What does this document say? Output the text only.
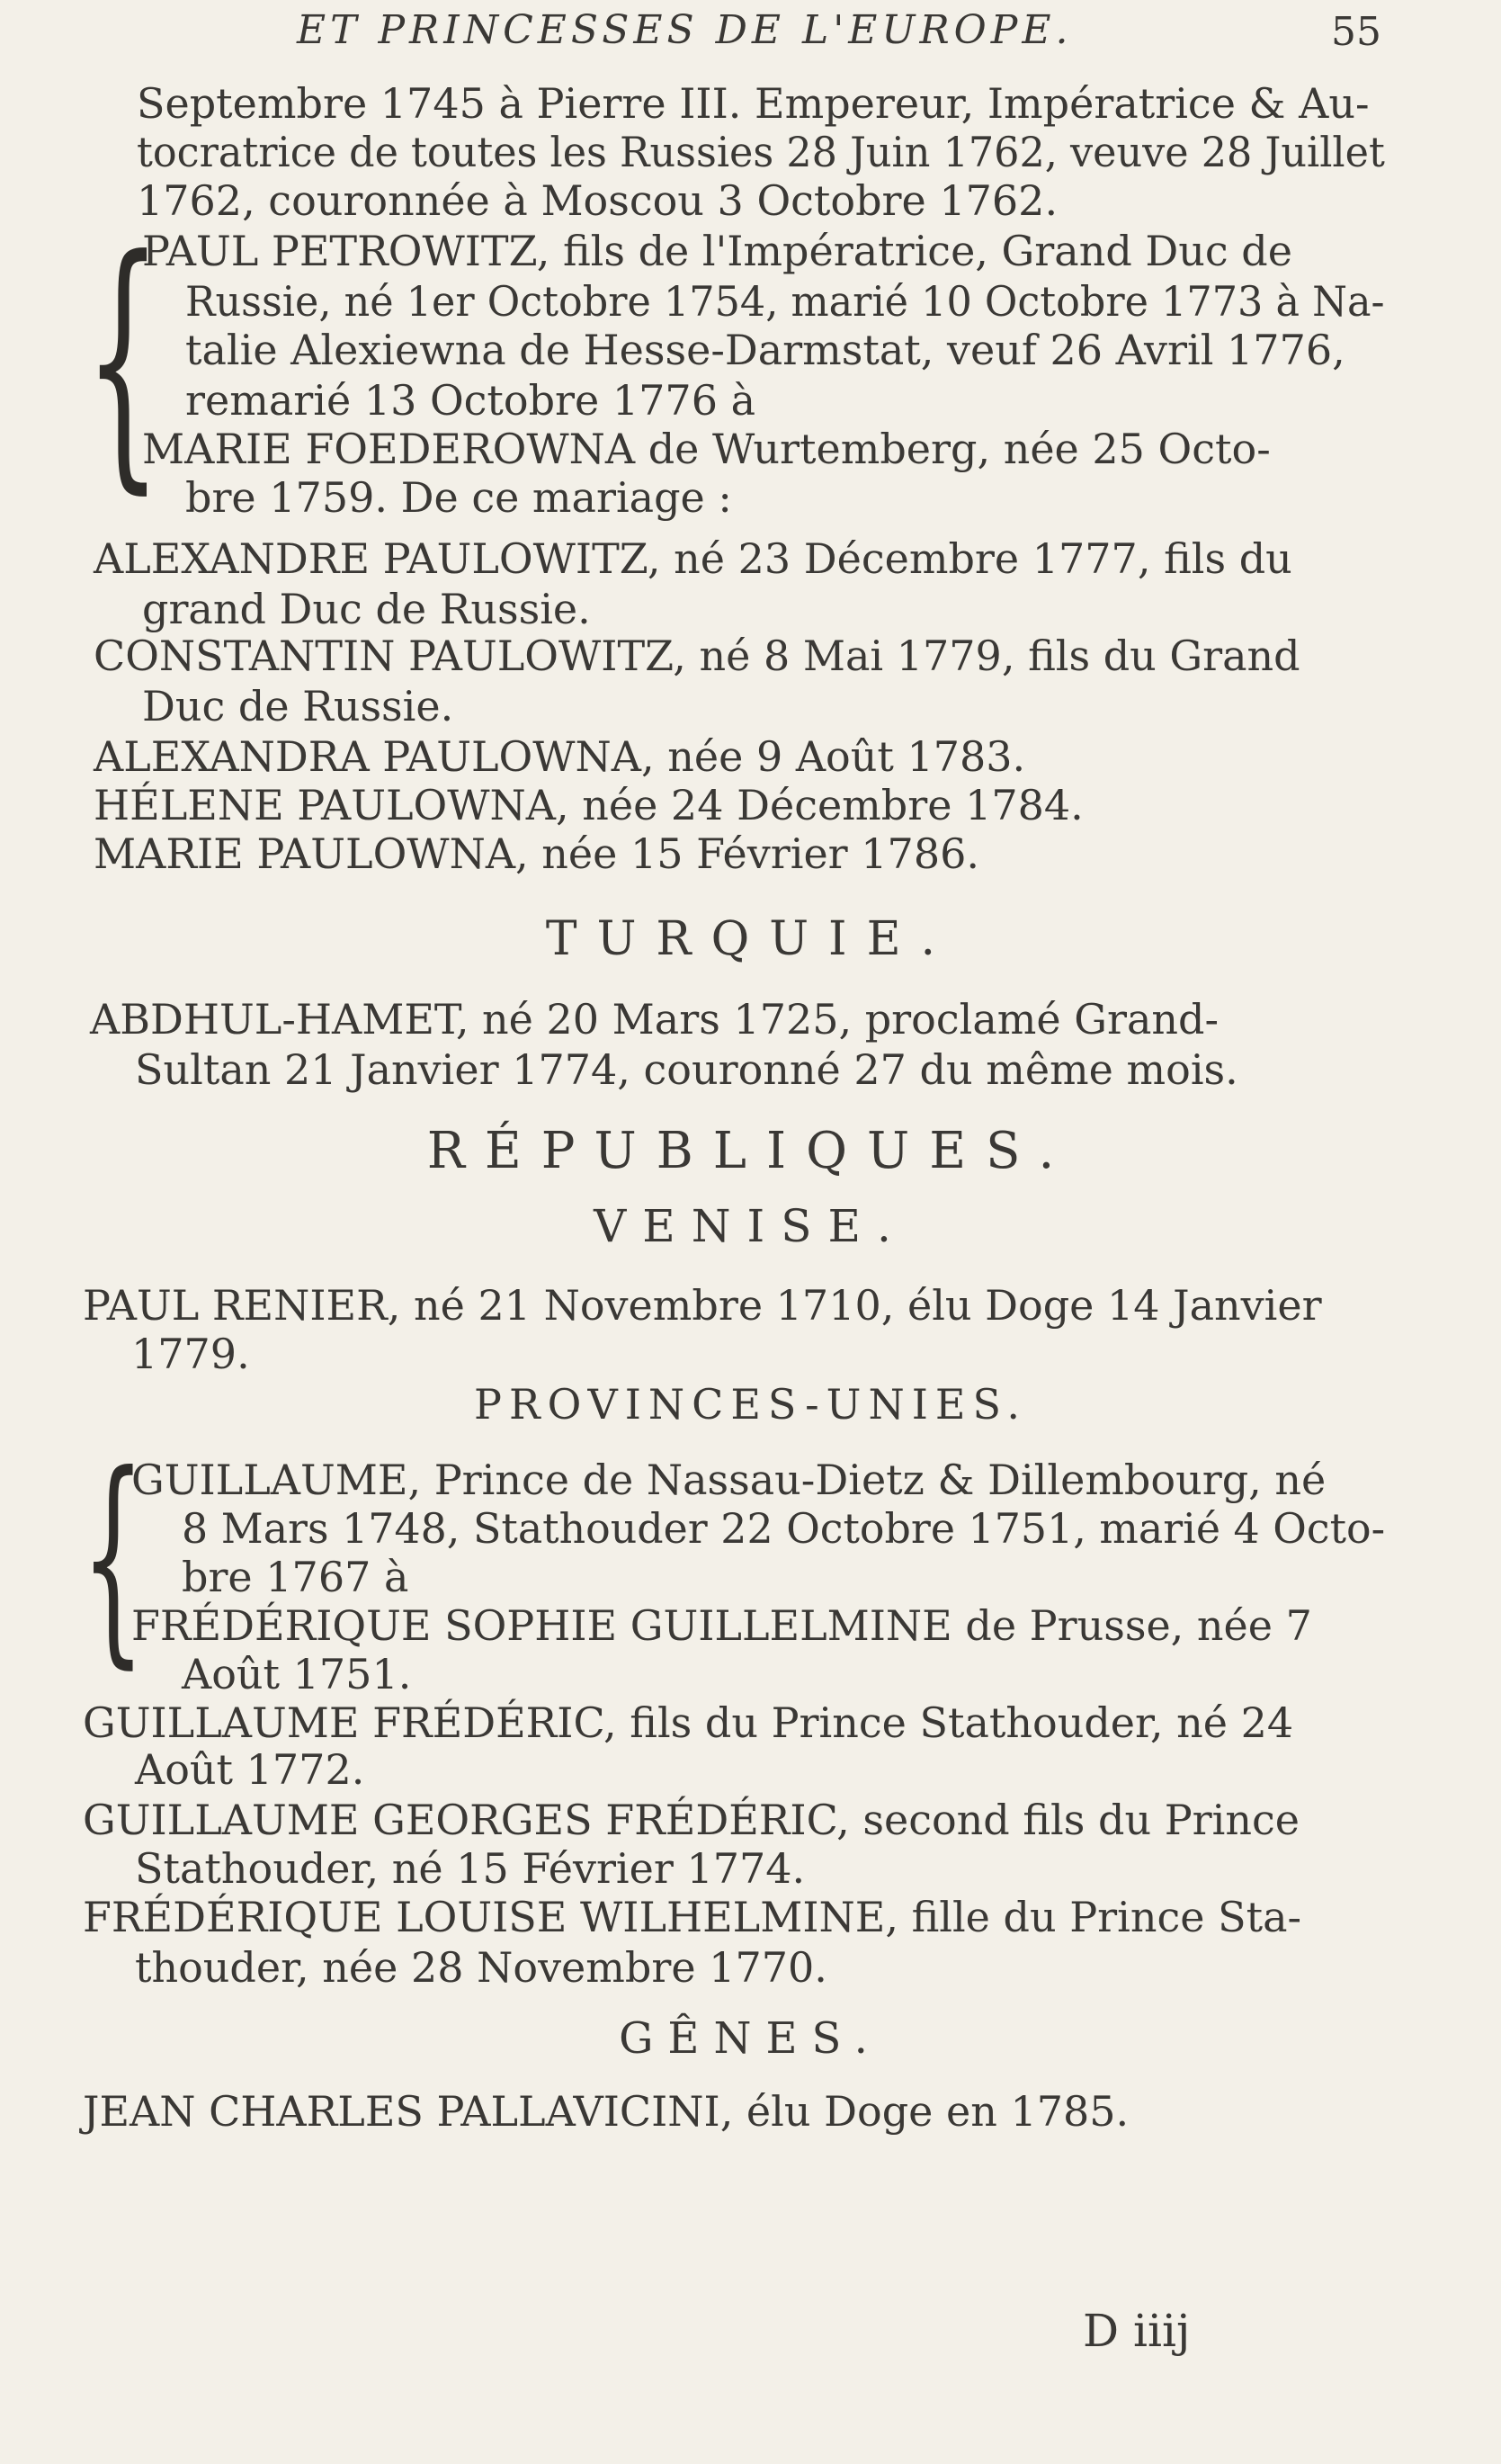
ET PRINCESSES DE L'EUROPE.	55
Septembre 1745 à Pierre III. Empereur, Impératrice & Au-
tocratrice de toutes les Russies 28 Juin 1762, veuve 28 Juillet
1762, couronnée à Moscou 3 Octobre 1762.
{
PAUL PETROWITZ, fils de l'Impératrice, Grand Duc de
Russie, né 1er Octobre 1754, marié 10 Octobre 1773 à Na-
talie Alexiewna de Hesse-Darmstat, veuf 26 Avril 1776,
remarié 13 Octobre 1776 à
MARIE FOEDEROWNA de Wurtemberg, née 25 Octo-
bre 1759. De ce mariage :
ALEXANDRE PAULOWITZ, né 23 Décembre 1777, fils du
grand Duc de Russie.
CONSTANTIN PAULOWITZ, né 8 Mai 1779, fils du Grand
Duc de Russie.
ALEXANDRA PAULOWNA, née 9 Août 1783.
HÉLENE PAULOWNA, née 24 Décembre 1784.
MARIE PAULOWNA, née 15 Février 1786.
TURQUIE.
ABDHUL-HAMET, né 20 Mars 1725, proclamé Grand-
Sultan 21 Janvier 1774, couronné 27 du même mois.
RÉPUBLIQUES.
VENISE.
PAUL RENIER, né 21 Novembre 1710, élu Doge 14 Janvier
1779.
PROVINCES-UNIES.
{
GUILLAUME, Prince de Nassau-Dietz & Dillembourg, né
8 Mars 1748, Stathouder 22 Octobre 1751, marié 4 Octo-
bre 1767 à
FRÉDÉRIQUE SOPHIE GUILLELMINE de Prusse, née 7
Août 1751.
GUILLAUME FRÉDÉRIC, fils du Prince Stathouder, né 24
Août 1772.
GUILLAUME GEORGES FRÉDÉRIC, second fils du Prince
Stathouder, né 15 Février 1774.
FRÉDÉRIQUE LOUISE WILHELMINE, fille du Prince Sta-
thouder, née 28 Novembre 1770.
GÊNES.
JEAN CHARLES PALLAVICINI, élu Doge en 1785.
D iiij
